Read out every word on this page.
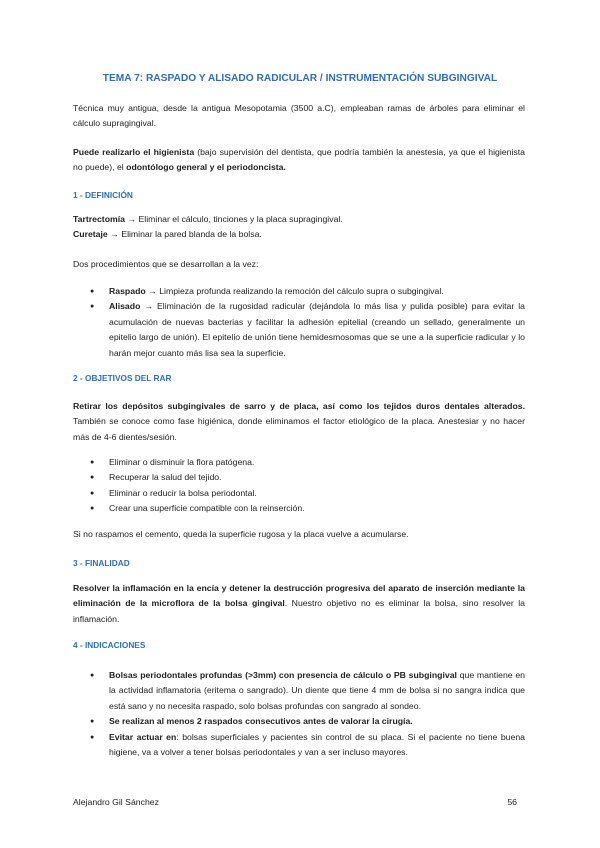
TEMA 7: RASPADO Y ALISADO RADICULAR / INSTRUMENTACIÓN SUBGINGIVAL
Técnica muy antigua, desde la antigua Mesopotamia (3500 a.C), empleaban ramas de árboles para eliminar el cálculo supragingival.
Puede realizarlo el higienista (bajo supervisión del dentista, que podría también la anestesia, ya que el higienista no puede), el odontólogo general y el periodoncista.
1 - DEFINICIÓN
Tartrectomía → Eliminar el cálculo, tinciones y la placa supragingival.
Curetaje → Eliminar la pared blanda de la bolsa.
Dos procedimientos que se desarrollan a la vez:
● Raspado → Limpieza profunda realizando la remoción del cálculo supra o subgingival.
● Alisado → Eliminación de la rugosidad radicular (dejándola lo más lisa y pulida posible) para evitar la acumulación de nuevas bacterias y facilitar la adhesión epitelial (creando un sellado, generalmente un epitelio largo de unión). El epitelio de unión tiene hemidesmosomas que se une a la superficie radicular y lo harán mejor cuanto más lisa sea la superficie.
2 - OBJETIVOS DEL RAR
Retirar los depósitos subgingivales de sarro y de placa, así como los tejidos duros dentales alterados. También se conoce como fase higiénica, donde eliminamos el factor etiológico de la placa. Anestesiar y no hacer más de 4-6 dientes/sesión.
● Eliminar o disminuir la flora patógena.
● Recuperar la salud del tejido.
● Eliminar o reducir la bolsa periodontal.
● Crear una superficie compatible con la reinserción.
Si no raspamos el cemento, queda la superficie rugosa y la placa vuelve a acumularse.
3 - FINALIDAD
Resolver la inflamación en la encía y detener la destrucción progresiva del aparato de inserción mediante la eliminación de la microflora de la bolsa gingival. Nuestro objetivo no es eliminar la bolsa, sino resolver la inflamación.
4 - INDICACIONES
● Bolsas periodontales profundas (>3mm) con presencia de cálculo o PB subgingival que mantiene en la actividad inflamatoria (eritema o sangrado). Un diente que tiene 4 mm de bolsa si no sangra indica que está sano y no necesita raspado, solo bolsas profundas con sangrado al sondeo.
● Se realizan al menos 2 raspados consecutivos antes de valorar la cirugía.
● Evitar actuar en: bolsas superficiales y pacientes sin control de su placa. Si el paciente no tiene buena higiene, va a volver a tener bolsas periodontales y van a ser incluso mayores.
Alejandro Gil Sánchez	56
